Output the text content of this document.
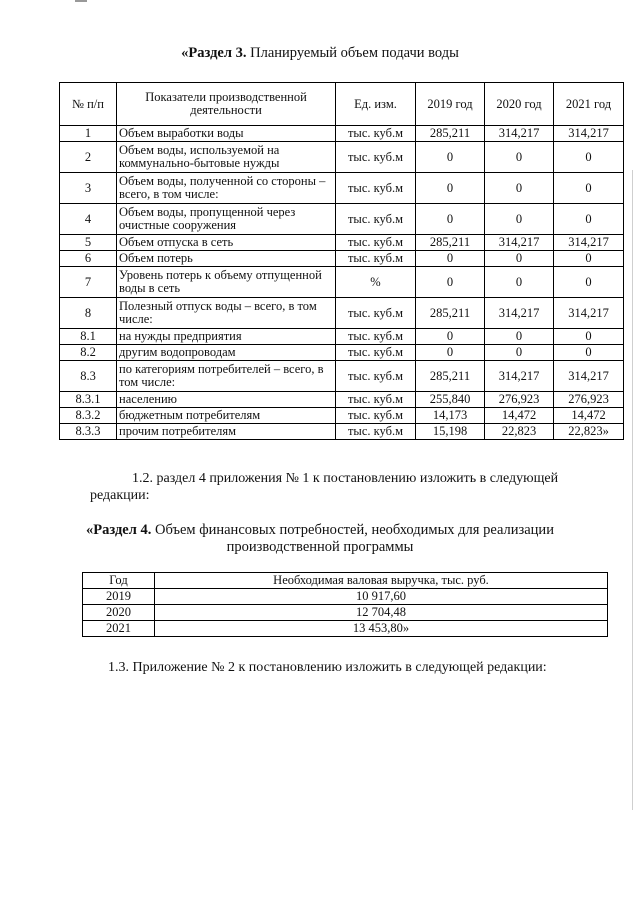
«Раздел 3. Планируемый объем подачи воды
№ п/п	Показатели производственной деятельности	Ед. изм.	2019 год	2020 год	2021 год
1	Объем выработки воды	тыс. куб.м	285,211	314,217	314,217
2	Объем воды, используемой на коммунально-бытовые нужды	тыс. куб.м	0	0	0
3	Объем воды, полученной со стороны – всего, в том числе:	тыс. куб.м	0	0	0
4	Объем воды, пропущенной через очистные сооружения	тыс. куб.м	0	0	0
5	Объем отпуска в сеть	тыс. куб.м	285,211	314,217	314,217
6	Объем потерь	тыс. куб.м	0	0	0
7	Уровень потерь к объему отпущенной воды в сеть	%	0	0	0
8	Полезный отпуск воды – всего, в том числе:	тыс. куб.м	285,211	314,217	314,217
8.1	на нужды предприятия	тыс. куб.м	0	0	0
8.2	другим водопроводам	тыс. куб.м	0	0	0
8.3	по категориям потребителей – всего, в том числе:	тыс. куб.м	285,211	314,217	314,217
8.3.1	населению	тыс. куб.м	255,840	276,923	276,923
8.3.2	бюджетным потребителям	тыс. куб.м	14,173	14,472	14,472
8.3.3	прочим потребителям	тыс. куб.м	15,198	22,823	22,823»
1.2. раздел 4 приложения № 1 к постановлению изложить в следующей
редакции:
«Раздел 4. Объем финансовых потребностей, необходимых для реализации
производственной программы
Год	Необходимая валовая выручка, тыс. руб.
2019	10 917,60
2020	12 704,48
2021	13 453,80»
1.3. Приложение № 2 к постановлению изложить в следующей редакции:
